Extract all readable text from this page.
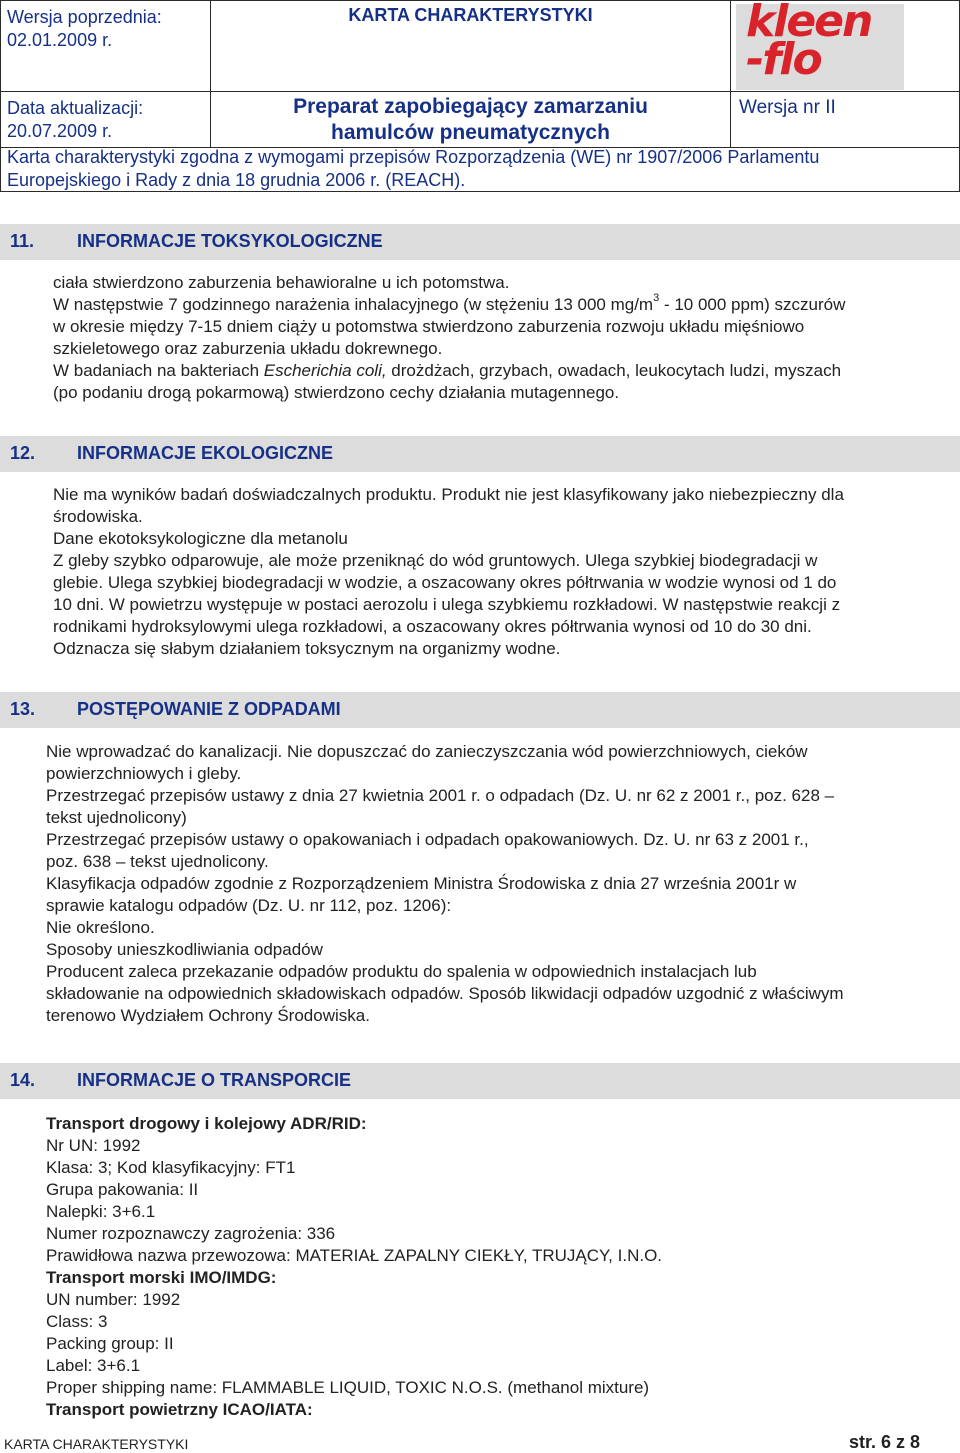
Wersja poprzednia:
02.01.2009 r.
KARTA CHARAKTERYSTYKI
Data aktualizacji:
20.07.2009 r.
Preparat zapobiegający zamarzaniu
hamulców pneumatycznych
Wersja nr II
kleen
-flo
Karta charakterystyki zgodna z wymogami przepisów Rozporządzenia (WE) nr 1907/2006 Parlamentu
Europejskiego i Rady z dnia 18 grudnia 2006 r. (REACH).
11. INFORMACJE TOKSYKOLOGICZNE

ciała stwierdzono zaburzenia behawioralne u ich potomstwa.

W następstwie 7 godzinnego narażenia inhalacyjnego (w stężeniu 13 000 $mg/m^3 - 10$ 000 ppm) szczurów

w okresie między 7-15 dniem ciąży u potomstwa stwierdzono zaburzenia rozwoju układu mięśniowo

szkieletowego oraz zaburzenia układu dokrewnego.

W badaniach na bakteriach Escherichia coli, drożdżach, grzybach, owadach, leukocytach ludzi, myszach

(po podaniu drogą pokarmową) stwierdzono cechy działania mutagennego.

12. INFORMACJE EKOLOGICZNE

Nie ma wyników badań doświadczalnych produktu. Produkt nie jest klasyfikowany jako niebezpieczny dla

środowiska.

Dane ekotoksykologiczne dla metanolu

Z gleby szybko odparowuje, ale może przeniknąć do wód gruntowych. Ulega szybkiej biodegradacji w

glebie. Ulega szybkiej biodegradacji w wodzie, a oszacowany okres półtrwania w wodzie wynosi od 1 do

10 dni. W powietrzu występuje w postaci aerozolu i ulega szybkiemu rozkładowi. W następstwie reakcji z

rodnikami hydroksylowymi ulega rozkładowi, a oszacowany okres półtrwania wynosi od 10 do 30 dni.

Odznacza się słabym działaniem toksycznym na organizmy wodne.

13. POSTĘPOWANIE Z ODPADAMI

Nie wprowadzać do kanalizacji. Nie dopuszczać do zanieczyszczania wód powierzchniowych, cieków

powierzchniowych i gleby.

Przestrzegać przepisów ustawy z dnia 27 kwietnia 2001 r. o odpadach (Dz. U. nr 62 z 2001 r., poz. 628 –

tekst ujednolicony)

Przestrzegać przepisów ustawy o opakowaniach i odpadach opakowaniowych. Dz. U. nr 63 z 2001 r.,

poz. 638 – tekst ujednolicony.

Klasyfikacja odpadów zgodnie z Rozporządzeniem Ministra Środowiska z dnia 27 września 2001r w

sprawie katalogu odpadów (Dz. U. nr 112, poz. 1206):

Nie określono.

Sposoby unieszkodliwiania odpadów

Producent zaleca przekazanie odpadów produktu do spalenia w odpowiednich instalacjach lub

składowanie na odpowiednich składowiskach odpadów. Sposób likwidacji odpadów uzgodnić z właściwym

terenowo Wydziałem Ochrony Środowiska.

14. INFORMACJE O TRANSPORCIE

Transport drogowy i kolejowy ADR/RID:

Nr UN: 1992

Klasa: 3; Kod klasyfikacyjny: FT1

Grupa pakowania: II

Nalepki: 3+6.1

Numer rozpoznawczy zagrożenia: 336

Prawidłowa nazwa przewozowa: MATERIAŁ ZAPALNY CIEKŁY, TRUJĄCY, I.N.O.

Transport morski IMO/IMDG:

UN number: 1992

Class: 3

Packing group: II

Label: 3+6.1

Proper shipping name: FLAMMABLE LIQUID, TOXIC N.O.S. (methanol mixture)

Transport powietrzny ICAO/IATA:

KARTA CHARAKTERYSTYKI	str. 6 z 8
